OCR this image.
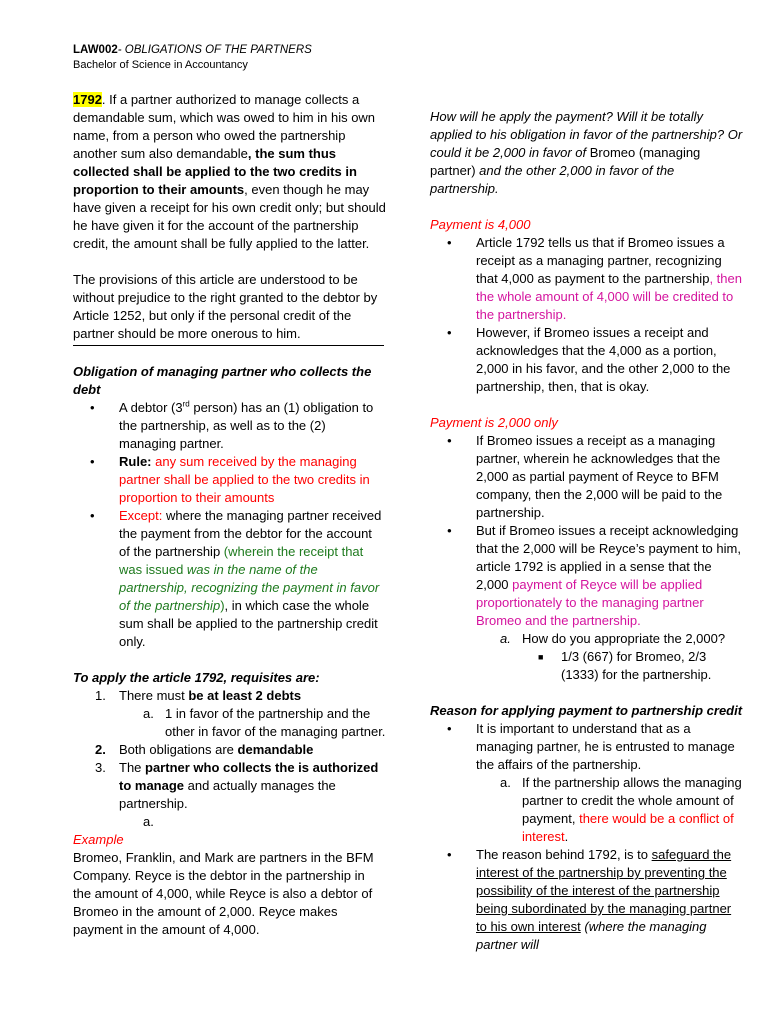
LAW002- OBLIGATIONS OF THE PARTNERS
Bachelor of Science in Accountancy

1792. If a partner authorized to manage collects a demandable sum, which was owed to him in his own name, from a person who owed the partnership another sum also demandable, the sum thus collected shall be applied to the two credits in proportion to their amounts, even though he may have given a receipt for his own credit only; but should he have given it for the account of the partnership credit, the amount shall be fully applied to the latter.

The provisions of this article are understood to be without prejudice to the right granted to the debtor by Article 1252, but only if the personal credit of the partner should be more onerous to him.

Obligation of managing partner who collects the debt

•	A debtor (3rd person) has an (1) obligation to the partnership, as well as to the (2) managing partner.
•	Rule: any sum received by the managing partner shall be applied to the two credits in proportion to their amounts
•	Except: where the managing partner received the payment from the debtor for the account of the partnership (wherein the receipt that was issued was in the name of the partnership, recognizing the payment in favor of the partnership), in which case the whole sum shall be applied to the partnership credit only.

To apply the article 1792, requisites are:

1.	There must be at least 2 debts
a. 1 in favor of the partnership and the other in favor of the managing partner.
2.	Both obligations are demandable
3.	The partner who collects the is authorized to manage and actually manages the partnership.
a.

Example

Bromeo, Franklin, and Mark are partners in the BFM Company. Reyce is the debtor in the partnership in the amount of 4,000, while Reyce is also a debtor of Bromeo in the amount of 2,000. Reyce makes payment in the amount of 4,000.

How will he apply the payment? Will it be totally applied to his obligation in favor of the partnership? Or could it be 2,000 in favor of Bromeo (managing partner) and the other 2,000 in favor of the partnership.

Payment is 4,000

•	Article 1792 tells us that if Bromeo issues a receipt as a managing partner, recognizing that 4,000 as payment to the partnership, then the whole amount of 4,000 will be credited to the partnership.
•	However, if Bromeo issues a receipt and acknowledges that the 4,000 as a portion, 2,000 in his favor, and the other 2,000 to the partnership, then, that is okay.

Payment is 2,000 only

•	If Bromeo issues a receipt as a managing partner, wherein he acknowledges that the 2,000 as partial payment of Reyce to BFM company, then the 2,000 will be paid to the partnership.
•	But if Bromeo issues a receipt acknowledging that the 2,000 will be Reyce’s payment to him, article 1792 is applied in a sense that the 2,000 payment of Reyce will be applied proportionately to the managing partner Bromeo and the partnership.
a. How do you appropriate the 2,000?
■	1/3 (667) for Bromeo, 2/3 (1333) for the partnership.

Reason for applying payment to partnership credit

•	It is important to understand that as a managing partner, he is entrusted to manage the affairs of the partnership.
a. If the partnership allows the managing partner to credit the whole amount of payment, there would be a conflict of interest.
•	The reason behind 1792, is to safeguard the interest of the partnership by preventing the possibility of the interest of the partnership being subordinated by the managing partner to his own interest (where the managing partner will
